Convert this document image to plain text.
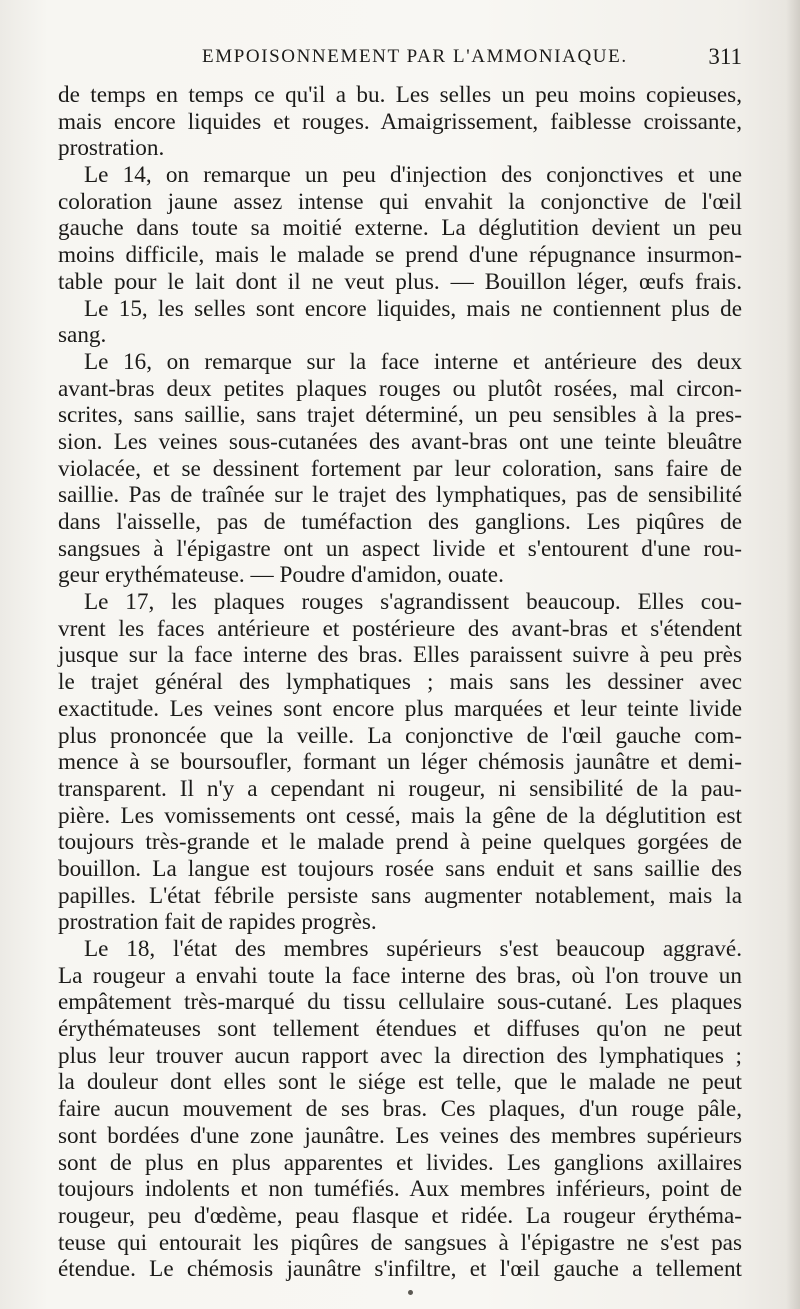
EMPOISONNEMENT PAR L'AMMONIAQUE.	311
de temps en temps ce qu'il a bu. Les selles un peu moins copieuses,
mais encore liquides et rouges. Amaigrissement, faiblesse croissante,
prostration.
Le 14, on remarque un peu d'injection des conjonctives et une
coloration jaune assez intense qui envahit la conjonctive de l'œil
gauche dans toute sa moitié externe. La déglutition devient un peu
moins difficile, mais le malade se prend d'une répugnance insurmon-
table pour le lait dont il ne veut plus. — Bouillon léger, œufs frais.
Le 15, les selles sont encore liquides, mais ne contiennent plus de
sang.
Le 16, on remarque sur la face interne et antérieure des deux
avant-bras deux petites plaques rouges ou plutôt rosées, mal circon-
scrites, sans saillie, sans trajet déterminé, un peu sensibles à la pres-
sion. Les veines sous-cutanées des avant-bras ont une teinte bleuâtre
violacée, et se dessinent fortement par leur coloration, sans faire de
saillie. Pas de traînée sur le trajet des lymphatiques, pas de sensibilité
dans l'aisselle, pas de tuméfaction des ganglions. Les piqûres de
sangsues à l'épigastre ont un aspect livide et s'entourent d'une rou-
geur erythémateuse. — Poudre d'amidon, ouate.
Le 17, les plaques rouges s'agrandissent beaucoup. Elles cou-
vrent les faces antérieure et postérieure des avant-bras et s'étendent
jusque sur la face interne des bras. Elles paraissent suivre à peu près
le trajet général des lymphatiques ; mais sans les dessiner avec
exactitude. Les veines sont encore plus marquées et leur teinte livide
plus prononcée que la veille. La conjonctive de l'œil gauche com-
mence à se boursoufler, formant un léger chémosis jaunâtre et demi-
transparent. Il n'y a cependant ni rougeur, ni sensibilité de la pau-
pière. Les vomissements ont cessé, mais la gêne de la déglutition est
toujours très-grande et le malade prend à peine quelques gorgées de
bouillon. La langue est toujours rosée sans enduit et sans saillie des
papilles. L'état fébrile persiste sans augmenter notablement, mais la
prostration fait de rapides progrès.
Le 18, l'état des membres supérieurs s'est beaucoup aggravé.
La rougeur a envahi toute la face interne des bras, où l'on trouve un
empâtement très-marqué du tissu cellulaire sous-cutané. Les plaques
érythémateuses sont tellement étendues et diffuses qu'on ne peut
plus leur trouver aucun rapport avec la direction des lymphatiques ;
la douleur dont elles sont le siége est telle, que le malade ne peut
faire aucun mouvement de ses bras. Ces plaques, d'un rouge pâle,
sont bordées d'une zone jaunâtre. Les veines des membres supérieurs
sont de plus en plus apparentes et livides. Les ganglions axillaires
toujours indolents et non tuméfiés. Aux membres inférieurs, point de
rougeur, peu d'œdème, peau flasque et ridée. La rougeur érythéma-
teuse qui entourait les piqûres de sangsues à l'épigastre ne s'est pas
étendue. Le chémosis jaunâtre s'infiltre, et l'œil gauche a tellement
